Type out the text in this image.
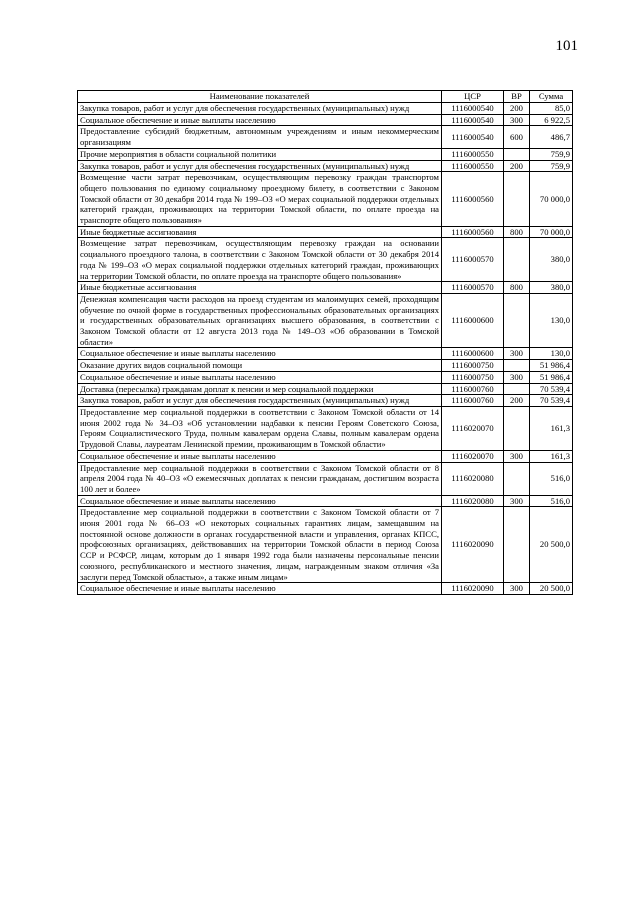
101
Наименование показателей	ЦСР	ВР	Сумма
Закупка товаров, работ и услуг для обеспечения государственных (муниципальных) нужд	1116000540	200	85,0
Социальное обеспечение и иные выплаты населению	1116000540	300	6 922,5
Предоставление субсидий бюджетным, автономным учреждениям и иным некоммерческим организациям	1116000540	600	486,7
Прочие мероприятия в области социальной политики	1116000550		759,9
Закупка товаров, работ и услуг для обеспечения государственных (муниципальных) нужд	1116000550	200	759,9
Возмещение части затрат перевозчикам, осуществляющим перевозку граждан транспортом общего пользования по единому социальному проездному билету, в соответствии с Законом Томской области от 30 декабря 2014 года № 199–ОЗ «О мерах социальной поддержки отдельных категорий граждан, проживающих на территории Томской области, по оплате проезда на транспорте общего пользования»	1116000560		70 000,0
Иные бюджетные ассигнования	1116000560	800	70 000,0
Возмещение затрат перевозчикам, осуществляющим перевозку граждан на основании социального проездного талона, в соответствии с Законом Томской области от 30 декабря 2014 года № 199–ОЗ «О мерах социальной поддержки отдельных категорий граждан, проживающих на территории Томской области, по оплате проезда на транспорте общего пользования»	1116000570		380,0
Иные бюджетные ассигнования	1116000570	800	380,0
Денежная компенсация части расходов на проезд студентам из малоимущих семей, проходящим обучение по очной форме в государственных профессиональных образовательных организациях и государственных образовательных организациях высшего образования, в соответствии с Законом Томской области от 12 августа 2013 года № 149–ОЗ «Об образовании в Томской области»	1116000600		130,0
Социальное обеспечение и иные выплаты населению	1116000600	300	130,0
Оказание других видов социальной помощи	1116000750		51 986,4
Социальное обеспечение и иные выплаты населению	1116000750	300	51 986,4
Доставка (пересылка) гражданам доплат к пенсии и мер социальной поддержки	1116000760		70 539,4
Закупка товаров, работ и услуг для обеспечения государственных (муниципальных) нужд	1116000760	200	70 539,4
Предоставление мер социальной поддержки в соответствии с Законом Томской области от 14 июня 2002 года № 34–ОЗ «Об установлении надбавки к пенсии Героям Советского Союза, Героям Социалистического Труда, полным кавалерам ордена Славы, полным кавалерам ордена Трудовой Славы, лауреатам Ленинской премии, проживающим в Томской области»	1116020070		161,3
Социальное обеспечение и иные выплаты населению	1116020070	300	161,3
Предоставление мер социальной поддержки в соответствии с Законом Томской области от 8 апреля 2004 года № 40–ОЗ «О ежемесячных доплатах к пенсии гражданам, достигшим возраста 100 лет и более»	1116020080		516,0
Социальное обеспечение и иные выплаты населению	1116020080	300	516,0
Предоставление мер социальной поддержки в соответствии с Законом Томской области от 7 июня 2001 года № 66–ОЗ «О некоторых социальных гарантиях лицам, замещавшим на постоянной основе должности в органах государственной власти и управления, органах КПСС, профсоюзных организациях, действовавших на территории Томской области в период Союза ССР и РСФСР, лицам, которым до 1 января 1992 года были назначены персональные пенсии союзного, республиканского и местного значения, лицам, награжденным знаком отличия «За заслуги перед Томской областью», а также иным лицам»	1116020090		20 500,0
Социальное обеспечение и иные выплаты населению	1116020090	300	20 500,0
